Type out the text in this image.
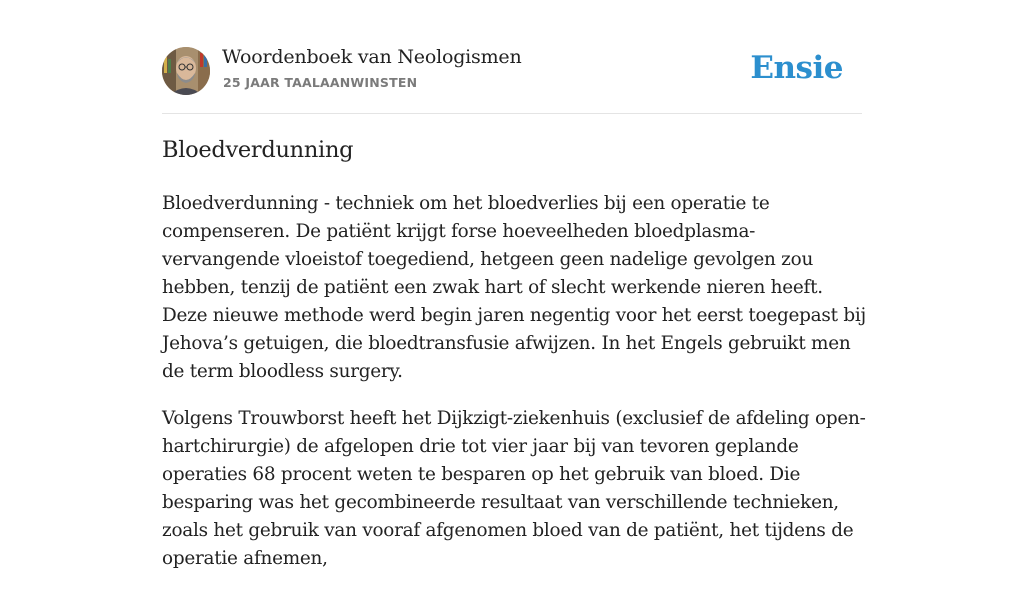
Woordenboek van Neologismen
25 JAAR TAALAANWINSTEN	Ensie
Bloedverdunning

Bloedverdunning - techniek om het bloedverlies bij een operatie te compenseren. De patiënt krijgt forse hoeveelheden bloedplasma-vervangende vloeistof toegediend, hetgeen geen nadelige gevolgen zou hebben, tenzij de patiënt een zwak hart of slecht werkende nieren heeft. Deze nieuwe methode werd begin jaren negentig voor het eerst toegepast bij Jehova’s getuigen, die bloedtransfusie afwijzen. In het Engels gebruikt men de term bloodless surgery.

Volgens Trouwborst heeft het Dijkzigt-ziekenhuis (exclusief de afdeling open-hartchirurgie) de afgelopen drie tot vier jaar bij van tevoren geplande operaties 68 procent weten te besparen op het gebruik van bloed. Die besparing was het gecombineerde resultaat van verschillende technieken, zoals het gebruik van vooraf afgenomen bloed van de patiënt, het tijdens de operatie afnemen,
